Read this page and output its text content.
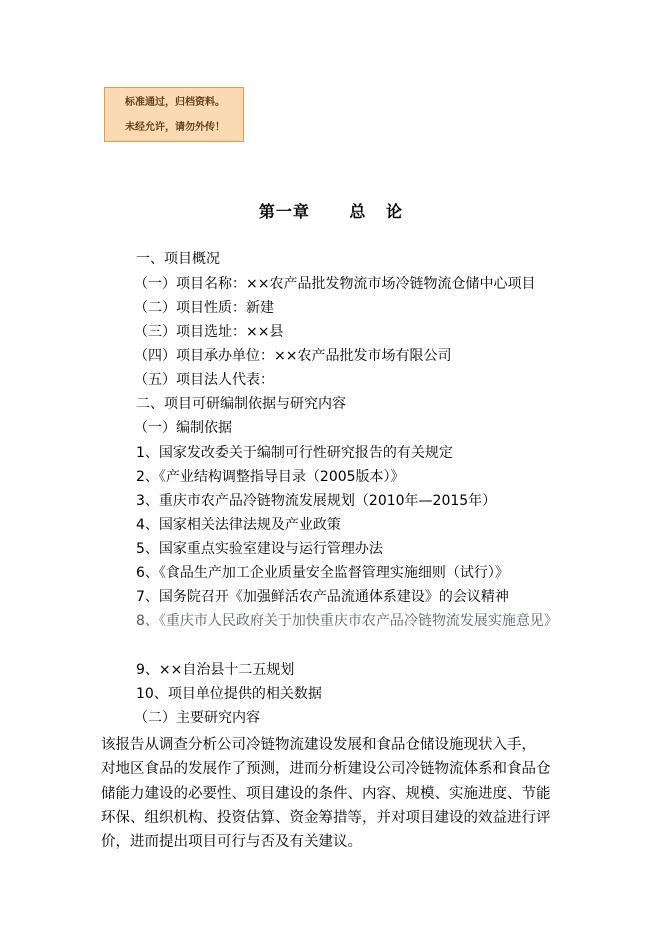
标准通过，归档资料。
未经允许，请勿外传！
第一章      总   论
一、项目概况
（一）项目名称：××农产品批发物流市场冷链物流仓储中心项目
（二）项目性质：新建
（三）项目选址：××县
（四）项目承办单位：××农产品批发市场有限公司
（五）项目法人代表：
二、项目可研编制依据与研究内容
（一）编制依据
1、国家发改委关于编制可行性研究报告的有关规定
2、《产业结构调整指导目录（2005版本）》
3、重庆市农产品冷链物流发展规划（2010年—2015年）
4、国家相关法律法规及产业政策
5、国家重点实验室建设与运行管理办法
6、《食品生产加工企业质量安全监督管理实施细则（试行）》
7、国务院召开《加强鲜活农产品流通体系建设》的会议精神
8、《重庆市人民政府关于加快重庆市农产品冷链物流发展实施意见》
9、××自治县十二五规划
10、项目单位提供的相关数据
（二）主要研究内容
该报告从调查分析公司冷链物流建设发展和食品仓储设施现状入手，
对地区食品的发展作了预测，进而分析建设公司冷链物流体系和食品仓
储能力建设的必要性、项目建设的条件、内容、规模、实施进度、节能
环保、组织机构、投资估算、资金筹措等，并对项目建设的效益进行评
价，进而提出项目可行与否及有关建议。
